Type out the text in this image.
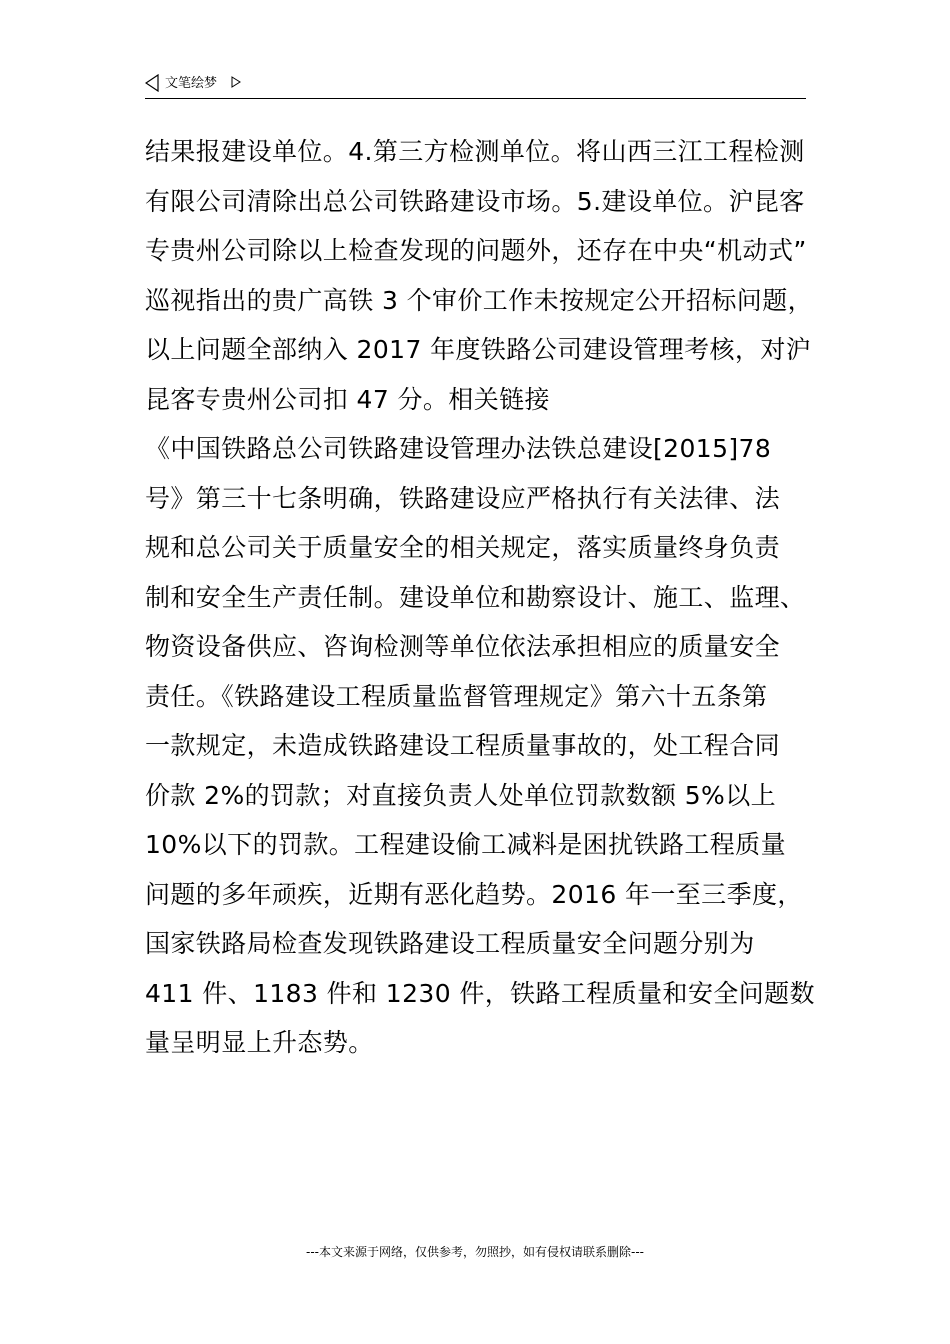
文笔绘梦
结果报建设单位。4.第三方检测单位。将山西三江工程检测
有限公司清除出总公司铁路建设市场。5.建设单位。沪昆客
专贵州公司除以上检查发现的问题外，还存在中央“机动式”
巡视指出的贵广高铁 3 个审价工作未按规定公开招标问题，
以上问题全部纳入 2017 年度铁路公司建设管理考核，对沪
昆客专贵州公司扣 47 分。相关链接
《中国铁路总公司铁路建设管理办法铁总建设[2015]78
号》第三十七条明确，铁路建设应严格执行有关法律、法
规和总公司关于质量安全的相关规定，落实质量终身负责
制和安全生产责任制。建设单位和勘察设计、施工、监理、
物资设备供应、咨询检测等单位依法承担相应的质量安全
责任。《铁路建设工程质量监督管理规定》第六十五条第
一款规定，未造成铁路建设工程质量事故的，处工程合同
价款 2%的罚款；对直接负责人处单位罚款数额 5%以上
10%以下的罚款。工程建设偷工减料是困扰铁路工程质量
问题的多年顽疾，近期有恶化趋势。2016 年一至三季度，
国家铁路局检查发现铁路建设工程质量安全问题分别为
411 件、1183 件和 1230 件，铁路工程质量和安全问题数
量呈明显上升态势。
---本文来源于网络，仅供参考，勿照抄，如有侵权请联系删除---
